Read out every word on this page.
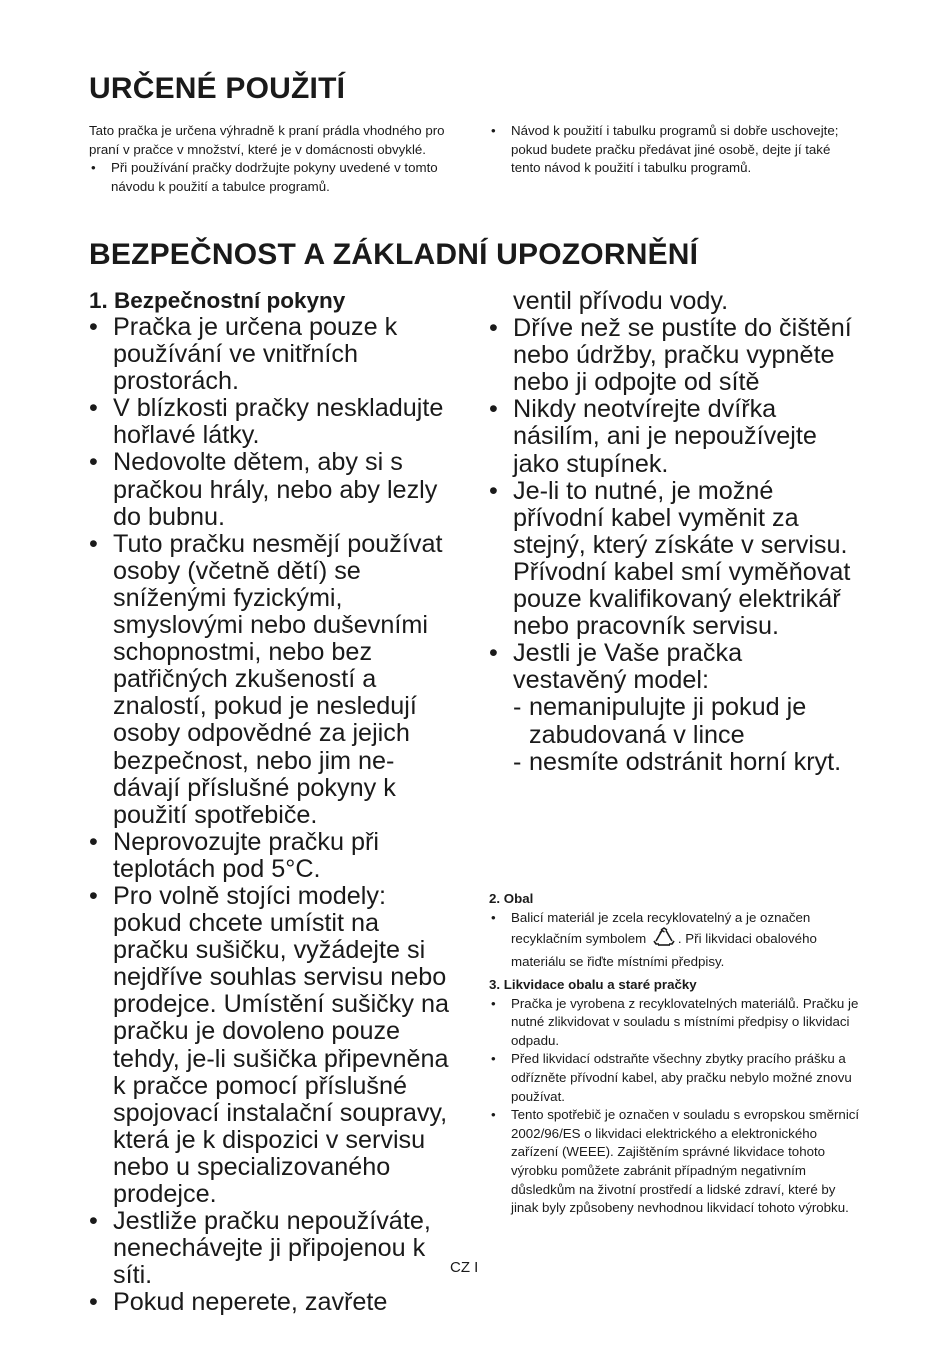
URČENÉ POUŽITÍ

Tato pračka je určena výhradně k praní prádla vhodného pro praní v pračce v množství, které je v domácnosti obvyklé.

• Při používání pračky dodržujte pokyny uvedené v tomto návodu k použití a tabulce programů.

• Návod k použití i tabulku programů si dobře uschovejte; pokud budete pračku předávat jiné osobě, dejte jí také tento návod k použití i tabulku programů.

BEZPEČNOST A ZÁKLADNÍ UPOZORNĚNÍ

1. Bezpečnostní pokyny

• Pračka je určena pouze k používání ve vnitřních prostorách.

• V blízkosti pračky neskladujte hořlavé látky.

• Nedovolte dětem, aby si s pračkou hrály, nebo aby lezly do bubnu.

• Tuto pračku nesmějí používat osoby (včetně dětí) se sníženými fyzickými, smyslovými nebo duševními schopnostmi, nebo bez patřičných zkušeností a znalostí, pokud je nesledují osoby odpovědné za jejich bezpečnost, nebo jim ne-dávají příslušné pokyny k použití spotřebiče.

• Neprovozujte pračku při teplotách pod 5°C.

• Pro volně stojíci modely: pokud chcete umístit na pračku sušičku, vyžádejte si nejdříve souhlas servisu nebo prodejce. Umístění sušičky na pračku je dovoleno pouze tehdy, je-li sušička připevněna k pračce pomocí příslušné spojovací instalační soupravy, která je k dispozici v servisu nebo u specializovaného prodejce.

• Jestliže pračku nepoužíváte, nenechávejte ji připojenou k síti.

• Pokud neperete, zavřete

ventil přívodu vody.

• Dříve než se pustíte do čištění nebo údržby, pračku vypněte nebo ji odpojte od sítě

• Nikdy neotvírejte dvířka násilím, ani je nepoužívejte jako stupínek.

• Je-li to nutné, je možné přívodní kabel vyměnit za stejný, který získáte v servisu. Přívodní kabel smí vyměňovat pouze kvalifikovaný elektrikář nebo pracovník servisu.

• Jestli je Vaše pračka vestavěný model:

- nemanipulujte ji pokud je zabudovaná v lince

- nesmíte odstránit horní kryt.

2. Obal

• Balicí materiál je zcela recyklovatelný a je označen recyklačním symbolem . Při likvidaci obalového materiálu se řiďte místními předpisy.

3. Likvidace obalu a staré pračky

• Pračka je vyrobena z recyklovatelných materiálů. Pračku je nutné zlikvidovat v souladu s místními předpisy o likvidaci odpadu.

• Před likvidací odstraňte všechny zbytky pracího prášku a odřízněte přívodní kabel, aby pračku nebylo možné znovu používat.

• Tento spotřebič je označen v souladu s evropskou směrnicí 2002/96/ES o likvidaci elektrického a elektronického zařízení (WEEE). Zajištěním správné likvidace tohoto výrobku pomůžete zabránit případným negativním důsledkům na životní prostředí a lidské zdraví, které by jinak byly způsobeny nevhodnou likvidací tohoto výrobku.

CZ I
